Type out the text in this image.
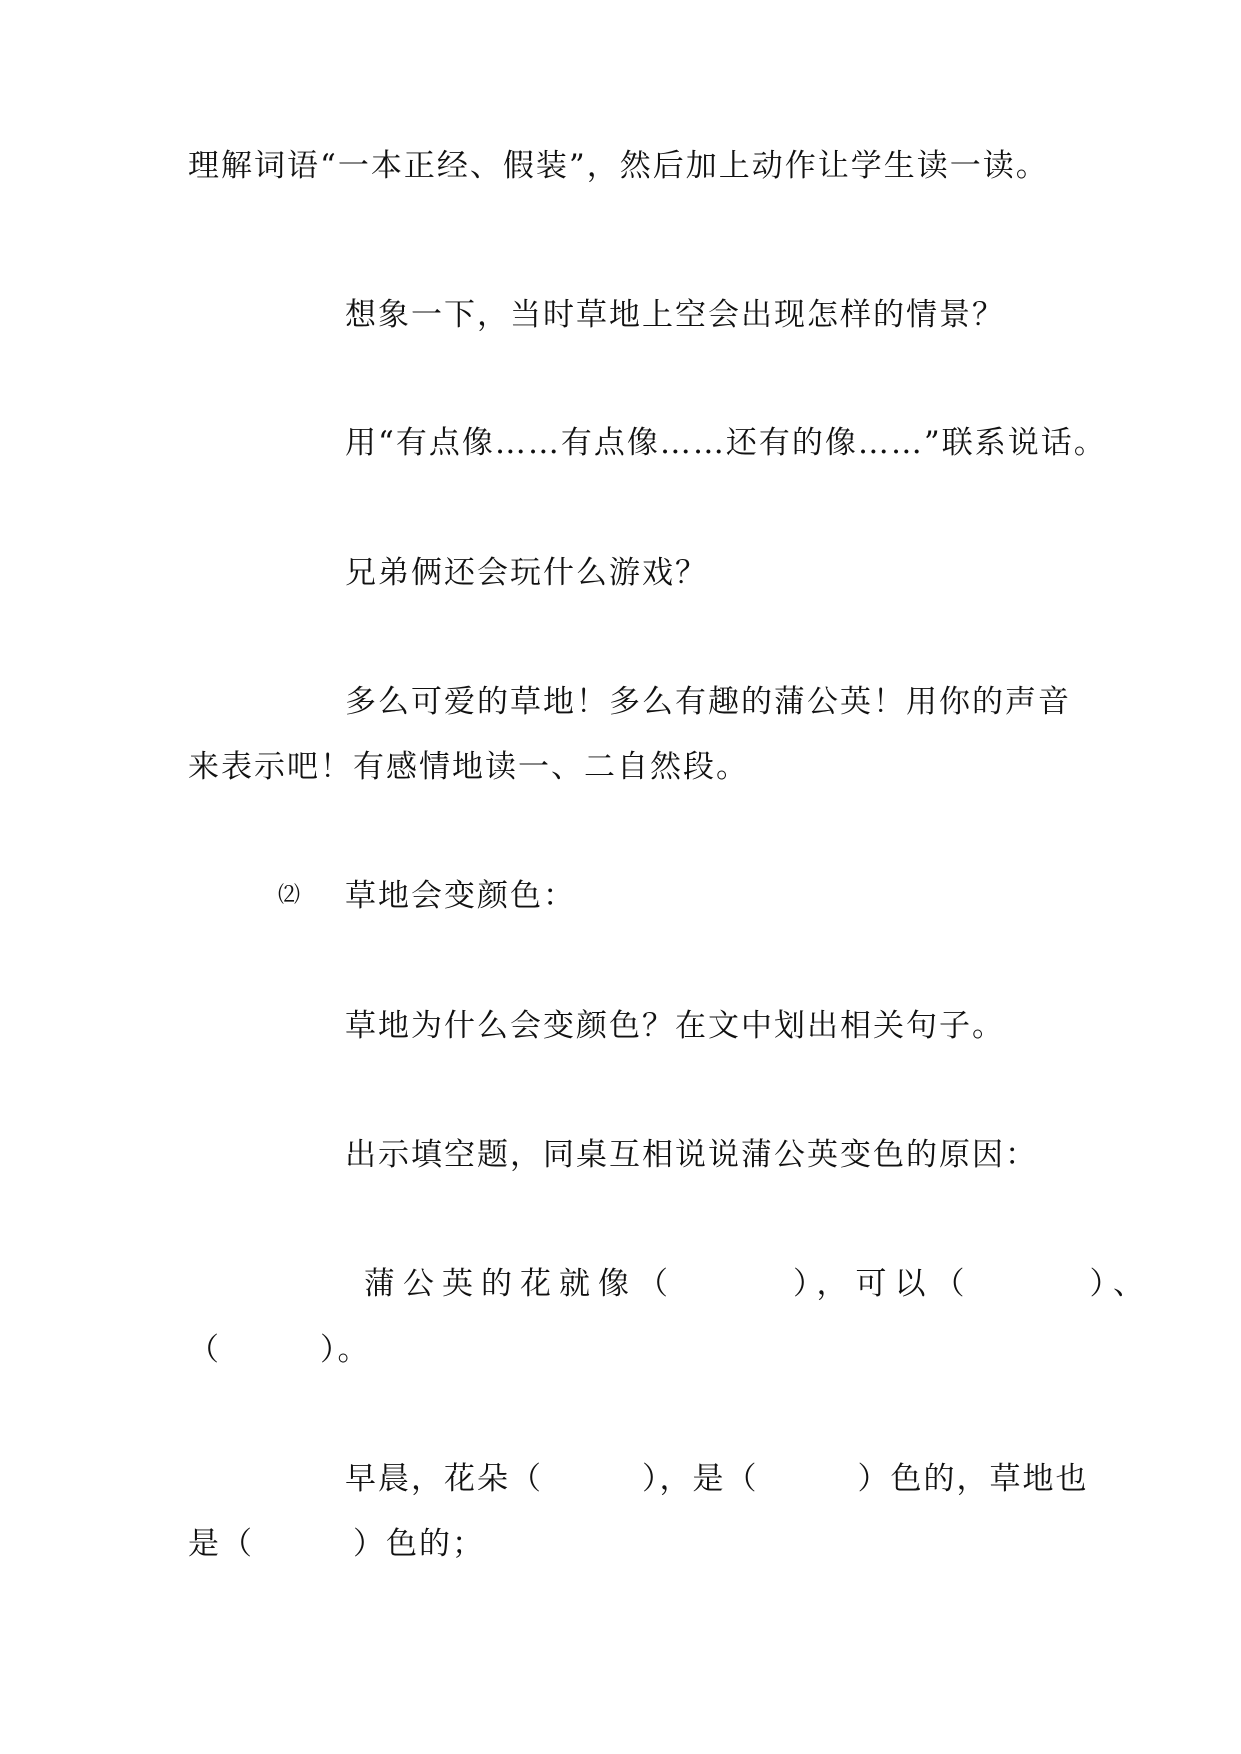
理解词语“一本正经、假装”，然后加上动作让学生读一读。
想象一下，当时草地上空会出现怎样的情景？
用“有点像……有点像……还有的像……”联系说话。
兄弟俩还会玩什么游戏？
多么可爱的草地！多么有趣的蒲公英！用你的声音
来表示吧！有感情地读一、二自然段。
⑵ 草地会变颜色：
草地为什么会变颜色？在文中划出相关句子。
出示填空题，同桌互相说说蒲公英变色的原因：
蒲公英的花就像（　　　），可以（　　　）、
（　　　）。
早晨，花朵（　　　），是（　　　）色的，草地也
是（　　　）色的；
